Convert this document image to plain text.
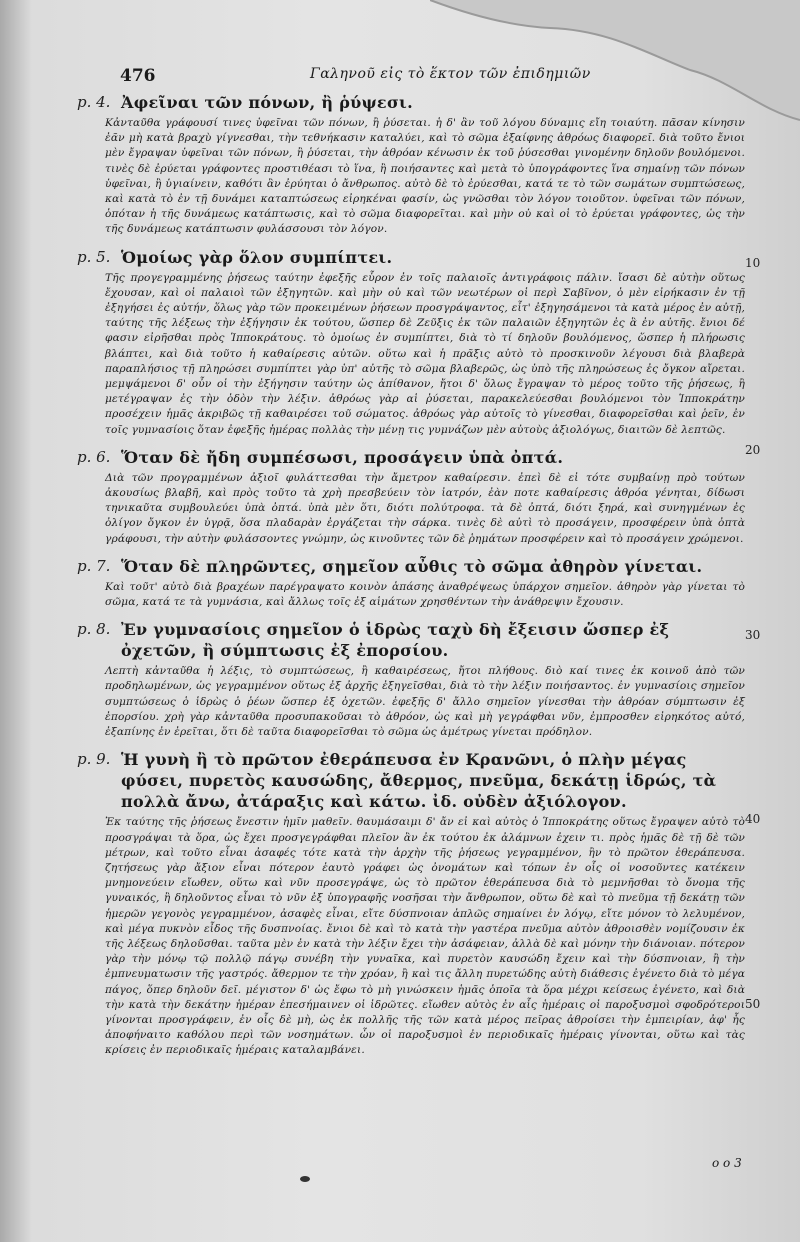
476	Γαληνοῦ εἰς τὸ ἕκτον τῶν ἐπιδημιῶν
p. 4. Ἀφεῖναι τῶν πόνων, ἢ ῥύψεσι.

Κἀνταῦθα γράφουσί τινες ὑφεῖναι τῶν πόνων, ἢ ῥύσεται. ἡ δ' ἂν τοῦ λόγου δύναμις εἴη τοιαύτη. πᾶσαν κίνησιν ἐᾶν μὴ κατὰ βραχὺ γίγνεσθαι, τὴν τεθνήκασιν καταλύει, καὶ τὸ σῶμα ἐξαίφνης ἀθρόως διαφορεῖ. διὰ τοῦτο ἔνιοι μὲν ἔγραψαν ὑφεῖναι τῶν πόνων, ἢ ῥύσεται, τὴν ἀθρόαν κένωσιν ἐκ τοῦ ῥύσεσθαι γινομένην δηλοῦν βουλόμενοι. τινὲς δὲ ἐρύεται γράφοντες προστιθέασι τὸ ἵνα, ἢ ποιήσαντες καὶ μετὰ τὸ ὑπογράφοντες ἵνα σημαίνῃ τῶν πόνων ὑφεῖναι, ἢ ὑγιαίνειν, καθότι ἂν ἐρύηται ὁ ἄνθρωπος. αὐτὸ δὲ τὸ ἐρύεσθαι, κατά τε τὸ τῶν σωμάτων συμπτώσεως, καὶ κατὰ τὸ ἐν τῇ δυνάμει καταπτώσεως εἰρηκέναι φασίν, ὡς γνῶσθαι τὸν λόγον τοιοῦτον. ὑφεῖναι τῶν πόνων, ὁπόταν ἡ τῆς δυνάμεως κατάπτωσις, καὶ τὸ σῶμα διαφορεῖται. καὶ μὴν οὐ καὶ οἱ τὸ ἐρύεται γράφοντες, ὡς τὴν τῆς δυνάμεως κατάπτωσιν φυλάσσουσι τὸν λόγον.

p. 5. Ὁμοίως γὰρ ὅλον συμπίπτει.

Τῆς προγεγραμμένης ῥήσεως ταύτην ἐφεξῆς εὗρον ἐν τοῖς παλαιοῖς ἀντιγράφοις πάλιν. ἴσασι δὲ αὐτὴν οὕτως ἔχουσαν, καὶ οἱ παλαιοὶ τῶν ἐξηγητῶν. καὶ μὴν οὐ καὶ τῶν νεωτέρων οἱ περὶ Σαβῖνον, ὁ μὲν εἰρήκασιν ἐν τῇ ἐξηγήσει ἐς αὐτήν, ὅλως γὰρ τῶν προκειμένων ῥήσεων προσγράψαντος, εἶτ' ἐξηγησάμενοι τὰ κατὰ μέρος ἐν αὐτῇ, ταύτης τῆς λέξεως τὴν ἐξήγησιν ἐκ τούτου, ὥσπερ δὲ Ζεῦξις ἐκ τῶν παλαιῶν ἐξηγητῶν ἐς ἃ ἐν αὐτῆς. ἔνιοι δέ φασιν εἰρῆσθαι πρὸς Ἱπποκράτους. τὸ ὁμοίως ἐν συμπίπτει, διὰ τὸ τί δηλοῦν βουλόμενος, ὥσπερ ἡ πλήρωσις βλάπτει, καὶ διὰ τοῦτο ἡ καθαίρεσις αὐτῶν. οὕτω καὶ ἡ πρᾶξις αὐτὸ τὸ προσκινοῦν λέγουσι διὰ βλαβερὰ παραπλήσιος τῇ πληρώσει συμπίπτει γὰρ ὑπ' αὐτῆς τὸ σῶμα βλαβερῶς, ὡς ὑπὸ τῆς πληρώσεως ἐς ὄγκον αἴρεται. μεμψάμενοι δ' οὖν οἱ τὴν ἐξήγησιν ταύτην ὡς ἀπίθανον, ἤτοι δ' ὅλως ἔγραψαν τὸ μέρος τοῦτο τῆς ῥήσεως, ἢ μετέγραψαν ἐς τὴν ὁδὸν τὴν λέξιν. ἀθρόως γὰρ αἱ ῥύσεται, παρακελεύεσθαι βουλόμενοι τὸν Ἱπποκράτην προσέχειν ἡμᾶς ἀκριβῶς τῇ καθαιρέσει τοῦ σώματος. ἀθρόως γὰρ αὐτοῖς τὸ γίνεσθαι, διαφορεῖσθαι καὶ ῥεῖν, ἐν τοῖς γυμνασίοις ὅταν ἐφεξῆς ἡμέρας πολλὰς τὴν μένῃ τις γυμνάζων μὲν αὐτοὺς ἀξιολόγως, διαιτῶν δὲ λεπτῶς.

p. 6. Ὅταν δὲ ἤδη συμπέσωσι, προσάγειν ὑπὰ ὀπτά.

Διὰ τῶν προγραμμένων ἀξιοῖ φυλάττεσθαι τὴν ἄμετρον καθαίρεσιν. ἐπεὶ δὲ εἰ τότε συμβαίνῃ πρὸ τούτων ἀκουσίως βλαβῆ, καὶ πρὸς τοῦτο τὰ χρὴ πρεσβεύειν τὸν ἰατρόν, ἐὰν ποτε καθαίρεσις ἀθρόα γένηται, δίδωσι τηνικαῦτα συμβουλεύει ὑπὰ ὀπτά. ὑπὰ μὲν ὅτι, διότι πολύτροφα. τὰ δὲ ὀπτά, διότι ξηρά, καὶ συνηγμένων ἐς ὀλίγον ὄγκον ἐν ὑγρᾷ, ὅσα πλαδαρὰν ἐργάζεται τὴν σάρκα. τινὲς δὲ αὐτὶ τὸ προσάγειν, προσφέρειν ὑπὰ ὀπτὰ γράφουσι, τὴν αὐτὴν φυλάσσοντες γνώμην, ὡς κινοῦντες τῶν δὲ ῥημάτων προσφέρειν καὶ τὸ προσάγειν χρώμενοι.

p. 7. Ὅταν δὲ πληρῶντες, σημεῖον αὖθις τὸ σῶμα ἀθηρὸν γίνεται.

Καὶ τοῦτ' αὐτὸ διὰ βραχέων παρέγραψατο κοινὸν ἁπάσης ἀναθρέψεως ὑπάρχον σημεῖον. ἀθηρὸν γὰρ γίνεται τὸ σῶμα, κατά τε τὰ γυμνάσια, καὶ ἄλλως τοῖς ἐξ αἱμάτων χρησθέντων τὴν ἀνάθρεψιν ἔχουσιν.

p. 8. Ἐν γυμνασίοις σημεῖον ὁ ἱδρὼς ταχὺ δὴ ἔξεισιν ὥσπερ ἐξ ὀχετῶν, ἢ σύμπτωσις ἐξ ἐπορσίου.

Λεπτὴ κἀνταῦθα ἡ λέξις, τὸ συμπτώσεως, ἢ καθαιρέσεως, ἤτοι πλήθους. διὸ καί τινες ἐκ κοινοῦ ἀπὸ τῶν προδηλωμένων, ὡς γεγραμμένον οὕτως ἐξ ἀρχῆς ἐξηγεῖσθαι, διὰ τὸ τὴν λέξιν ποιήσαντος. ἐν γυμνασίοις σημεῖον συμπτώσεως ὁ ἱδρὼς ὁ ῥέων ὥσπερ ἐξ ὀχετῶν. ἐφεξῆς δ' ἄλλο σημεῖον γίνεσθαι τὴν ἀθρόαν σύμπτωσιν ἐξ ἐπορσίου. χρὴ γὰρ κἀνταῦθα προσυπακοῦσαι τὸ ἀθρόον, ὡς καὶ μὴ γεγράφθαι νῦν, ἐμπροσθεν εἰρηκότος αὐτό, ἐξαπίνης ἐν ἐρεῖται, ὅτι δὲ ταῦτα διαφορεῖσθαι τὸ σῶμα ὡς ἀμέτρως γίνεται πρόδηλον.

p. 9. Ἡ γυνὴ ἢ τὸ πρῶτον ἐθεράπευσα ἐν Κρανῶνι, ὁ πλὴν μέγας φύσει, πυρετὸς καυσώδης, ἄθερμος, πνεῦμα, δεκάτῃ ἱδρώς, τὰ πολλὰ ἄνω, ἀτάραξις καὶ κάτω. ἰδ. οὐδὲν ἀξιόλογον.

Ἐκ ταύτης τῆς ῥήσεως ἔνεστιν ἡμῖν μαθεῖν. θαυμάσαιμι δ' ἄν εἰ καὶ αὐτὸς ὁ Ἱπποκράτης οὕτως ἔγραψεν αὐτὸ τὸ προσγράψαι τὰ ὅρα, ὡς ἔχει προσγεγράφθαι πλεῖον ἂν ἐκ τούτου ἐκ ἀλάμνων ἐχειν τι. πρὸς ἡμᾶς δὲ τῇ δὲ τῶν μέτρων, καὶ τοῦτο εἶναι ἀσαφές τότε κατὰ τὴν ἀρχὴν τῆς ῥήσεως γεγραμμένον, ἢν τὸ πρῶτον ἐθεράπευσα. ζητήσεως γὰρ ἄξιον εἶναι πότερον ἑαυτὸ γράφει ὡς ὀνομάτων καὶ τόπων ἐν οἷς οἱ νοσοῦντες κατέκειν μνημονεύειν εἴωθεν, οὕτω καὶ νῦν προσεγράψε, ὡς τὸ πρῶτον ἐθεράπευσα διὰ τὸ μεμνῆσθαι τὸ ὄνομα τῆς γυναικός, ἢ δηλοῦντος εἶναι τὸ νῦν ἐξ ὑπογραφῆς νοσῆσαι τὴν ἄνθρωπον, οὕτω δὲ καὶ τὸ πνεῦμα τῇ δεκάτῃ τῶν ἡμερῶν γεγονὸς γεγραμμένον, ἀσαφὲς εἶναι, εἴτε δύσπνοιαν ἁπλῶς σημαίνει ἐν λόγῳ, εἴτε μόνον τὸ λελυμένον, καὶ μέγα πυκνὸν εἶδος τῆς δυσπνοίας. ἔνιοι δὲ καὶ τὸ κατὰ τὴν γαστέρα πνεῦμα αὐτὸν ἀθροισθὲν νομίζουσιν ἐκ τῆς λέξεως δηλοῦσθαι. ταῦτα μὲν ἐν κατὰ τὴν λέξιν ἔχει τὴν ἀσάφειαν, ἀλλὰ δὲ καὶ μόνην τὴν διάνοιαν. πότερον γὰρ τὴν μόνῳ τῷ πολλῷ πάγῳ συνέβη τὴν γυναῖκα, καὶ πυρετὸν καυσώδη ἔχειν καὶ τὴν δύσπνοιαν, ἢ τὴν ἐμπνευματωσιν τῆς γαστρός. ἄθερμον τε τὴν χρόαν, ἢ καὶ τις ἄλλη πυρετώδης αὐτὴ διάθεσις ἐγένετο διὰ τὸ μέγα πάγος, ὅπερ δηλοῦν δεῖ. μέγιστον δ' ὡς ἔφω τὸ μὴ γινώσκειν ἡμᾶς ὁποῖα τὰ ὅρα μέχρι κείσεως ἐγένετο, καὶ διὰ τὴν κατὰ τὴν δεκάτην ἡμέραν ἐπεσήμαινεν οἱ ἱδρῶτες. εἴωθεν αὐτὸς ἐν αἷς ἡμέραις οἱ παροξυσμοὶ σφοδρότεροι γίνονται προσγράφειν, ἐν οἷς δὲ μὴ, ὡς ἐκ πολλῆς τῆς τῶν κατὰ μέρος πεῖρας ἀθροίσει τὴν ἐμπειρίαν, ἀφ' ἧς ἀποφήναιτο καθόλου περὶ τῶν νοσημάτων. ὧν οἱ παροξυσμοὶ ἐν περιοδικαῖς ἡμέραις γίνονται, οὕτω καὶ τὰς κρίσεις ἐν περιοδικαῖς ἡμέραις καταλαμβάνει.

10
20
30
40
50
ο ο 3
